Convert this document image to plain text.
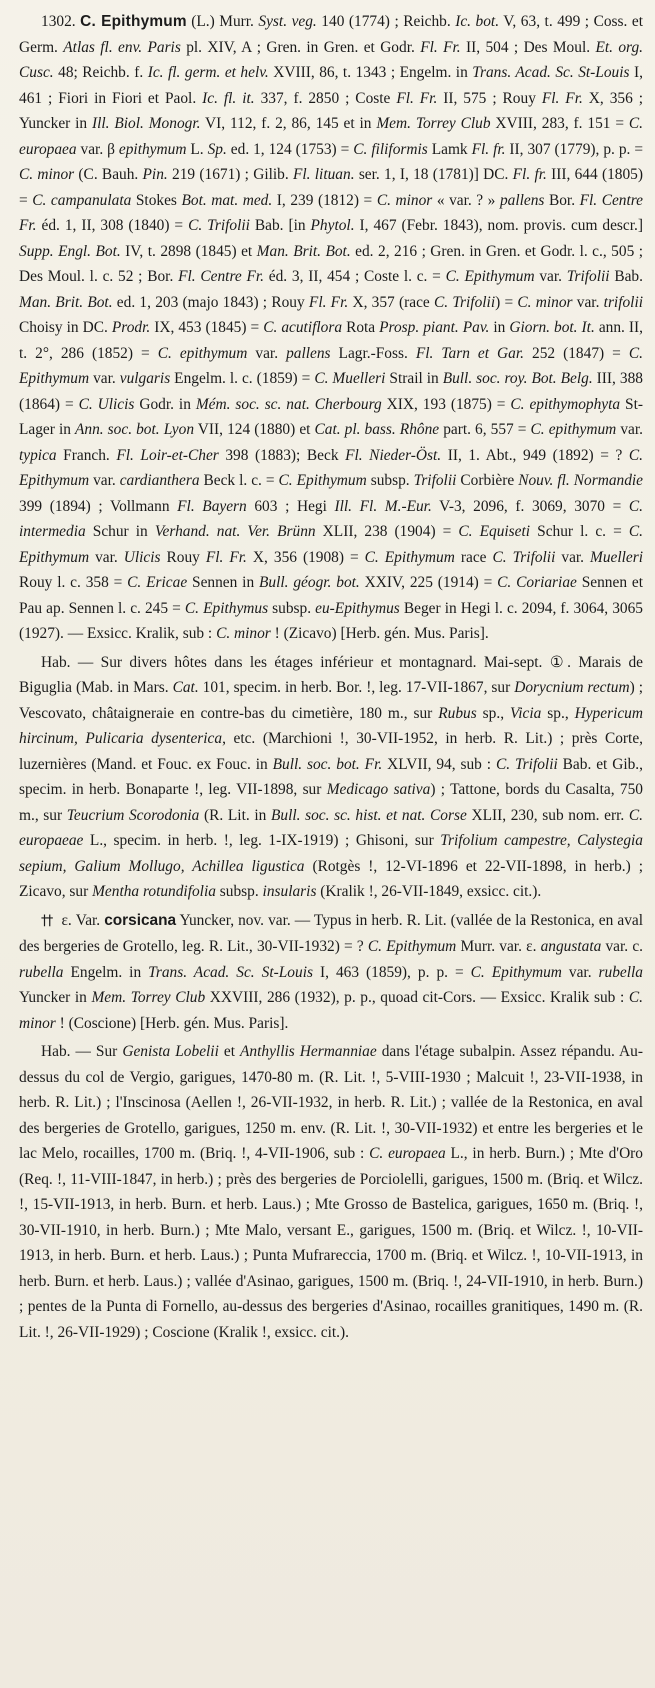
1302. C. Epithymum (L.) Murr. Syst. veg. 140 (1774) ; Reichb. Ic. bot. V, 63, t. 499 ; Coss. et Germ. Atlas fl. env. Paris pl. XIV, A ; Gren. in Gren. et Godr. Fl. Fr. II, 504 ; Des Moul. Et. org. Cusc. 48; Reichb. f. Ic. fl. germ. et helv. XVIII, 86, t. 1343 ; Engelm. in Trans. Acad. Sc. St-Louis I, 461 ; Fiori in Fiori et Paol. Ic. fl. it. 337, f. 2850 ; Coste Fl. Fr. II, 575 ; Rouy Fl. Fr. X, 356 ; Yuncker in Ill. Biol. Monogr. VI, 112, f. 2, 86, 145 et in Mem. Torrey Club XVIII, 283, f. 151 = C. europaea var. β epithymum L. Sp. ed. 1, 124 (1753) = C. filiformis Lamk Fl. fr. II, 307 (1779), p. p. = C. minor (C. Bauh. Pin. 219 (1671) ; Gilib. Fl. lituan. ser. 1, I, 18 (1781)] DC. Fl. fr. III, 644 (1805) = C. campanulata Stokes Bot. mat. med. I, 239 (1812) = C. minor « var. ? » pallens Bor. Fl. Centre Fr. éd. 1, II, 308 (1840) = C. Trifolii Bab. [in Phytol. I, 467 (Febr. 1843), nom. provis. cum descr.] Supp. Engl. Bot. IV, t. 2898 (1845) et Man. Brit. Bot. ed. 2, 216 ; Gren. in Gren. et Godr. l. c., 505 ; Des Moul. l. c. 52 ; Bor. Fl. Centre Fr. éd. 3, II, 454 ; Coste l. c. = C. Epithymum var. Trifolii Bab. Man. Brit. Bot. ed. 1, 203 (majo 1843) ; Rouy Fl. Fr. X, 357 (race C. Trifolii) = C. minor var. trifolii Choisy in DC. Prodr. IX, 453 (1845) = C. acutiflora Rota Prosp. piant. Pav. in Giorn. bot. It. ann. II, t. 2°, 286 (1852) = C. epithymum var. pallens Lagr.-Foss. Fl. Tarn et Gar. 252 (1847) = C. Epithymum var. vulgaris Engelm. l. c. (1859) = C. Muelleri Strail in Bull. soc. roy. Bot. Belg. III, 388 (1864) = C. Ulicis Godr. in Mém. soc. sc. nat. Cherbourg XIX, 193 (1875) = C. epithymophyta St-Lager in Ann. soc. bot. Lyon VII, 124 (1880) et Cat. pl. bass. Rhône part. 6, 557 = C. epithymum var. typica Franch. Fl. Loir-et-Cher 398 (1883); Beck Fl. Nieder-Öst. II, 1. Abt., 949 (1892) = ? C. Epithymum var. cardianthera Beck l. c. = C. Epithymum subsp. Trifolii Corbière Nouv. fl. Normandie 399 (1894) ; Vollmann Fl. Bayern 603 ; Hegi Ill. Fl. M.-Eur. V-3, 2096, f. 3069, 3070 = C. intermedia Schur in Verhand. nat. Ver. Brünn XLII, 238 (1904) = C. Equiseti Schur l. c. = C. Epithymum var. Ulicis Rouy Fl. Fr. X, 356 (1908) = C. Epithymum race C. Trifolii var. Muelleri Rouy l. c. 358 = C. Ericae Sennen in Bull. géogr. bot. XXIV, 225 (1914) = C. Coriariae Sennen et Pau ap. Sennen l. c. 245 = C. Epithymus subsp. eu-Epithymus Beger in Hegi l. c. 2094, f. 3064, 3065 (1927). — Exsicc. Kralik, sub : C. minor ! (Zicavo) [Herb. gén. Mus. Paris].

Hab. — Sur divers hôtes dans les étages inférieur et montagnard. Mai-sept. ①. Marais de Biguglia (Mab. in Mars. Cat. 101, specim. in herb. Bor. !, leg. 17-VII-1867, sur Dorycnium rectum) ; Vescovato, châtaigneraie en contre-bas du cimetière, 180 m., sur Rubus sp., Vicia sp., Hypericum hircinum, Pulicaria dysenterica, etc. (Marchioni !, 30-VII-1952, in herb. R. Lit.) ; près Corte, luzernières (Mand. et Fouc. ex Fouc. in Bull. soc. bot. Fr. XLVII, 94, sub : C. Trifolii Bab. et Gib., specim. in herb. Bonaparte !, leg. VII-1898, sur Medicago sativa) ; Tattone, bords du Casalta, 750 m., sur Teucrium Scorodonia (R. Lit. in Bull. soc. sc. hist. et nat. Corse XLII, 230, sub nom. err. C. europaeae L., specim. in herb. !, leg. 1-IX-1919) ; Ghisoni, sur Trifolium campestre, Calystegia sepium, Galium Mollugo, Achillea ligustica (Rotgès !, 12-VI-1896 et 22-VII-1898, in herb.) ; Zicavo, sur Mentha rotundifolia subsp. insularis (Kralik !, 26-VII-1849, exsicc. cit.).

†† ε. Var. corsicana Yuncker, nov. var. — Typus in herb. R. Lit. (vallée de la Restonica, en aval des bergeries de Grotello, leg. R. Lit., 30-VII-1932) = ? C. Epithymum Murr. var. ε. angustata var. c. rubella Engelm. in Trans. Acad. Sc. St-Louis I, 463 (1859), p. p. = C. Epithymum var. rubella Yuncker in Mem. Torrey Club XXVIII, 286 (1932), p. p., quoad cit-Cors. — Exsicc. Kralik sub : C. minor ! (Coscione) [Herb. gén. Mus. Paris].

Hab. — Sur Genista Lobelii et Anthyllis Hermanniae dans l'étage subalpin. Assez répandu. Au-dessus du col de Vergio, garigues, 1470-80 m. (R. Lit. !, 5-VIII-1930 ; Malcuit !, 23-VII-1938, in herb. R. Lit.) ; l'Inscinosa (Aellen !, 26-VII-1932, in herb. R. Lit.) ; vallée de la Restonica, en aval des bergeries de Grotello, garigues, 1250 m. env. (R. Lit. !, 30-VII-1932) et entre les bergeries et le lac Melo, rocailles, 1700 m. (Briq. !, 4-VII-1906, sub : C. europaea L., in herb. Burn.) ; Mte d'Oro (Req. !, 11-VIII-1847, in herb.) ; près des bergeries de Porciolelli, garigues, 1500 m. (Briq. et Wilcz. !, 15-VII-1913, in herb. Burn. et herb. Laus.) ; Mte Grosso de Bastelica, garigues, 1650 m. (Briq. !, 30-VII-1910, in herb. Burn.) ; Mte Malo, versant E., garigues, 1500 m. (Briq. et Wilcz. !, 10-VII-1913, in herb. Burn. et herb. Laus.) ; Punta Mufrareccia, 1700 m. (Briq. et Wilcz. !, 10-VII-1913, in herb. Burn. et herb. Laus.) ; vallée d'Asinao, garigues, 1500 m. (Briq. !, 24-VII-1910, in herb. Burn.) ; pentes de la Punta di Fornello, au-dessus des bergeries d'Asinao, rocailles granitiques, 1490 m. (R. Lit. !, 26-VII-1929) ; Coscione (Kralik !, exsicc. cit.).
